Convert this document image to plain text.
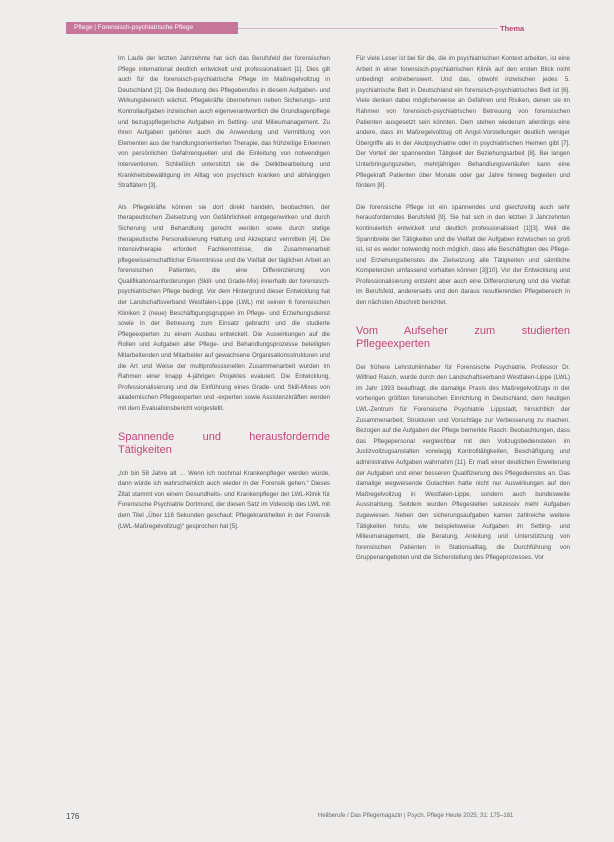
Pflege | Forensisch-psychiatrische Pflege	Thema

Im Laufe der letzten Jahrzehnte hat sich das Berufsfeld der forensischen Pflege international deutlich entwickelt und professionalisiert [1]. Dies gilt auch für die forensisch-psychiatrische Pflege im Maßregelvollzug in Deutschland [2]. Die Bedeutung des Pflegeberufes in diesem Aufgaben- und Wirkungsbereich wächst. Pflegekräfte übernehmen neben Sicherungs- und Kontrollaufgaben inzwischen auch eigenverantwortlich die Grundlagenpflege und bezugspflegerische Aufgaben im Setting- und Milieumanagement. Zu ihren Aufgaben gehören auch die Anwendung und Vermittlung von Elementen aus der handlungsorientierten Therapie, das frühzeitige Erkennen von persönlichen Gefahrenquellen und die Einleitung von notwendigen Interventionen. Schließlich unterstützt sie die Deliktbearbeitung und Krankheitsbewältigung im Alltag von psychisch kranken und abhängigen Straftätern [3].

Als Pflegekräfte können sie dort direkt handeln, beobachten, der therapeutischen Zielsetzung von Gefährlichkeit entgegenwirken und durch Sicherung und Behandlung gerecht werden sowie durch stetige therapeutische Personalisierung Haltung und Akzeptanz vermitteln [4]. Die Intensivtherapie erfordert Fachkenntnisse, die Zusammenarbeit pflegewissenschaftlicher Erkenntnisse und die Vielfalt der täglichen Arbeit an forensischen Patienten, die eine Differenzierung von Qualifikationsanforderungen (Skill- und Grade-Mix) innerhalb der forensisch-psychiatrischen Pflege bedingt. Vor dem Hintergrund dieser Entwicklung hat der Landschaftsverband Westfalen-Lippe (LWL) mit seinen 6 forensischen Kliniken 2 (neue) Beschäftigungsgruppen im Pflege- und Erziehungsdienst sowie in der Betreuung zum Einsatz gebracht und die studierte Pflegeexperten zu einem Ausbau entwickelt. Die Auswirkungen auf die Rollen und Aufgaben aller Pflege- und Behandlungsprozesse beteiligten Mitarbeitenden und Mitarbeiter auf gewachsene Organisationsstrukturen und die Art und Weise der multiprofessionellen Zusammenarbeit wurden im Rahmen einer knapp 4-jährigen Projektes evaluiert. Die Entwicklung, Professionalisierung und die Einführung eines Grade- und Skill-Mixes von akademischen Pflegeexperten und -experten sowie Assistenzkräften werden mit dem Evaluationsbericht vorgestellt.

Spannende und herausfordernde Tätigkeiten

„Ich bin 58 Jahre alt … Wenn ich nochmal Krankenpfleger werden würde, dann würde ich wahrscheinlich auch wieder in der Forensik gehen.“ Dieses Zitat stammt von einem Gesundheits- und Krankenpfleger der LWL-Klinik für Forensische Psychiatrie Dortmund, der diesen Satz im Videoclip des LWL mit dem Titel „Über 116 Sekunden geschaut: Pflegekrankheiten in der Forensik (LWL-Maßregelvollzug)“ gesprochen hat [5].

Für viele Leser ist bei für die, die im psychiatrischen Kontext arbeiten, ist eine Arbeit in einer forensisch-psychiatrischen Klinik auf den ersten Blick nicht unbedingt erstrebenswert. Und das, obwohl inzwischen jedes 5. psychiatrische Bett in Deutschland ein forensisch-psychiatrisches Bett ist [6]. Viele denken dabei möglicherweise an Gefahren und Risiken, denen sie im Rahmen von forensisch-psychiatrischen Betreuung von forensischen Patienten ausgesetzt sein könnten. Dem stehen wiederum allerdings eine andere, dass im Maßregelvollzug oft Angst-Vorstellungen deutlich weniger Übergriffe als in der Akutpsychiatrie oder in psychiatrischen Heimen gibt [7]. Der Vorteil der spannenden Tätigkeit der Beziehungsarbeit [8]. Bei langen Unterbringungszeiten, mehrjährigen Behandlungsverläufen kann eine Pflegekraft Patienten über Monate oder gar Jahre hinweg begleiten und fördern [8].

Die forensische Pflege ist ein spannendes und gleichzeitig auch sehr herausforderndes Berufsfeld [9]. Sie hat sich in den letzten 3 Jahrzehnten kontinuierlich entwickelt und deutlich professionalisiert [1][3]. Weil die Spannbreite der Tätigkeiten und die Vielfalt der Aufgaben inzwischen so groß ist, ist es weder notwendig noch möglich, dass alle Beschäftigten des Pflege- und Erziehungsdienstes die Zielsetzung alle Tätigkeiten und sämtliche Kompetenzen umfassend vorhalten können [3][10]. Vor der Entwicklung und Professionalisierung entsteht aber auch eine Differenzierung und die Vielfalt im Berufsfeld, andererseits und den daraus resultierenden Pflegebereich in den nächsten Abschnitt berichtet.

Vom Aufseher zum studierten Pflegeexperten

Der frühere Lehrstuhlinhaber für Forensische Psychiatrie, Professor Dr. Wilfried Rasch, wurde durch den Landschaftsverband Westfalen-Lippe (LWL) im Jahr 1993 beauftragt, die damalige Praxis des Maßregelvollzugs in der vorherigen größten forensischen Einrichtung in Deutschland, dem heutigen LWL-Zentrum für Forensische Psychiatrie Lippstadt, hinsichtlich der Zusammenarbeit, Strukturen und Vorschläge zur Verbesserung zu machen. Bezogen auf die Aufgaben der Pflege bemerkte Rasch: Beobachtungen, dass das Pflegepersonal vergleichbar mit den Vollzugsbediensteten im Justizvollzugsanstalten vorwiegig Kontrolltätigkeiten, Beschäftigung und administrative Aufgaben wahrnahm [11]. Er maß einer deutlichen Erweiterung der Aufgaben und einer besseren Qualifizierung des Pflegedienstes an. Das damalige wegweisende Gutachten hatte nicht nur Auswirkungen auf den Maßregelvollzug in Westfalen-Lippe, sondern auch bundesweite Ausstrahlung. Seitdem wurden Pflegestellen sukzessiv mehr Aufgaben zugewiesen. Neben den sicherungsaufgaben kamen zahlreiche weitere Tätigkeiten hinzu, wie beispielsweise Aufgaben im Setting- und Milieumanagement, die Beratung, Anleitung und Unterstützung von forensischen Patienten in Stationsalltag, die Durchführung von Gruppenangeboten und die Sicherstellung des Pflegeprozesses. Vor

176	Heilberufe / Das Pflegemagazin | Psych. Pflege Heute 2025; 31: 175–181
